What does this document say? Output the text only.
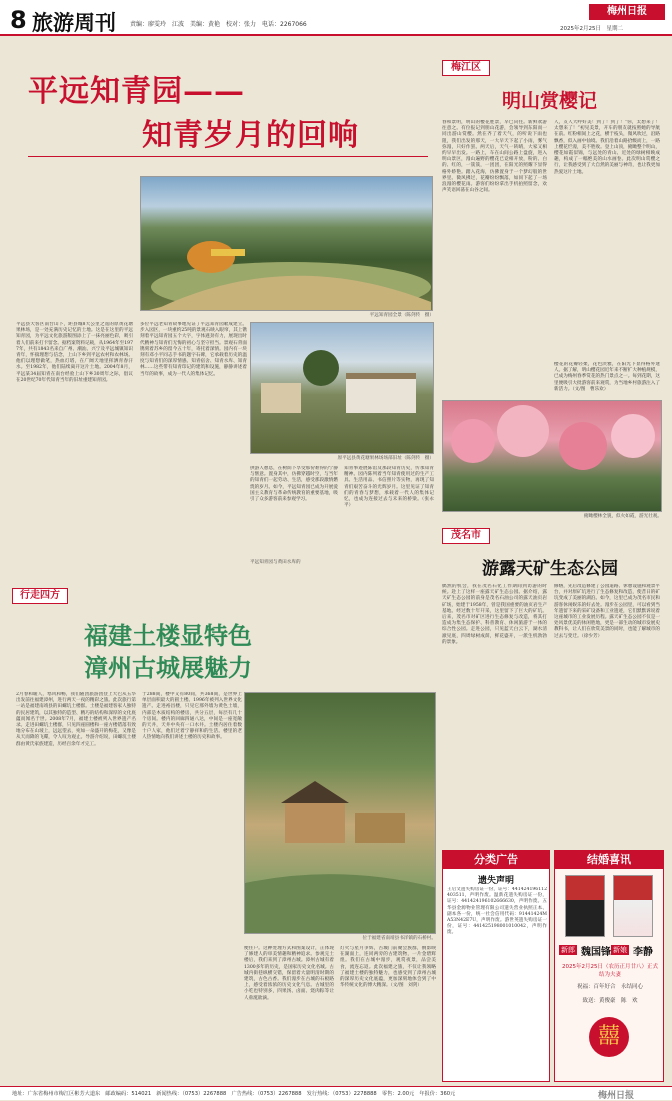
8 旅游周刊 责编：廖雯玲　江波　美编：黄艳　校对：张力　电话：2267066
梅州日报
2025年2月25日　星期二
平远知青园——
知青岁月的回响
平远知青园全景（陈剑传　摄）
平远县大客区南台山下，距县城8大公里之遥的原黄花塘果林场，是一处充满历史记忆的土地。这是在这里的平远知青园，为平远文化旅游版图添上了一抹亮丽色彩，吸引着人们前来打卡留念。据档案资料记载，从1964年至1977年，共有1843名来自广州、潮汕、兴宁及平远城镇知识青年，怀揣理想与信念，上山下乡到平远农村和农林场。他们以理想做笔，热血灯塔，在广阔天地里挥洒青春汗水。至1982年，他们陆续离开这片土地。2004年8月，平远某34届知青在南台经验上山下乡30周年之际，倡议在20世纪70年代知青当年的旧址重建知青园。
多位平远老知青故事地见证了平远知青园歌成建立。步入园区，一块重约25吨的景观石映入眼帘，其上镌刻着平远知青园五个大字，字体遒劲有力，展现出时代精神与知青们无悔的初心与坚守担当。景观石背面镌刻着苏乡的留今五十年，寄托着深情。园内有一块刻有邓小平同志手书的题字石碑，它承载着历史的温度与知青们的深厚情感。知青宿舍、知青水库、知青林……这些带有知青印记的建筑和设施，静静讲述着当年的故事，成为一代人的集体记忆。
原平远县黄花塘果林场场部旧址（陈剑传　摄）
供游人憩息，在树荫下享受那份难得的宁静与惬意。置身其中，仿佛穿越时空，与当年的知青们一起劳动、生活，感受那段激情燃烧的岁月。如今，平远知青园已成为开展爱国主义教育与革命传统教育的重要基地，吸引了众多游客前来参观学习。
知青事迹展陈馆及那段知青历史，传承知青精神。园内陈列着当年知青使用过的生产工具、生活用品、书信照片等实物，再现了知青们艰苦奋斗的光辉岁月。这里见证了知青们的青春与梦想，承载着一代人的集体记忆，也成为连接过去与未来的桥梁。（张永平）
平远知青园与黄田水库的
梅江区
明山赏樱记
春和景明，明山的樱花胜景，早已向往。新鲜欢游往意之。有位报记到朋山花游，会领导到东阳而一同出游山赏樱。然在齐了着天气，的听说下雨也阻，我们出发的那天，一大早天下起了小雨，雾气弥漫，只好作罢。两天后，天气一转晴，大家又相约早早出发。一路上，车在山间公路上盘旋，进入明山景区，漫山遍野的樱花已竞相开放，粉的、白的、红的，一簇簇，一团团，在阳光的照耀下显得格外娇艳。踏入花海，仿佛置身于一个梦幻般的世界里。微风拂过，花瓣纷纷飘落，如同下起了一场浪漫的樱花雨。游客们纷纷拿出手机拍照留念，欢声笑语回荡在山谷之间。
人，友人大呼好美！到了！到了！“你，太想来了！太想来了！”初见美景，开车的朋友就按照她的导航在前。红粉相间上之花，横于枝头，微风吹过，沿路飘香，似入画中仙境。我们沿着山路拾级而上，一路上樱花烂漫，美不胜收。登上山顶，俯瞰整个明山，樱花如霞似锦，与远处的青山、近处的绿树相映成趣，构成了一幅绝美的山水画卷。此次明山赏樱之行，让我感受到了大自然的美丽与神奇，也让我更加热爱这片土地。
樱花的花瓣轻柔，花色淡雅，在阳光下显得格外迷人。据了解，明山樱花园近年来不断扩大种植规模，已成为梅州春季赏花的热门景点之一。每到花期，这里便吸引大批游客前来观赏，为当地乡村旅游注入了新活力。（文/图　曹乐欢）
俯瞰樱林全貌，似火如霞，游光壮观。
茂名市
游露天矿生态公园
偶然的机会，我在茂名石化工作期间到访游的时候。赴上了这样一座露天矿生态公园。据介绍，露天矿生态公园的前身是茂名石油公司的露天油页岩矿场，始建于1958年，曾是我国重要的油页岩生产基地。经过数十年开采，这里留下了巨大的矿坑。后来，茂名市对矿区进行生态修复与改造，将其打造成为集生态保护、科普教育、休闲旅游于一体的综合性公园。走进公园，只见蓝天白云下，湖水清澈见底，四周绿树成荫，鲜花盛开，一派生机勃勃的景象。
修缮，先后改造修建了公园道路、休憩设施和观景平台，并对原矿坑进行了生态修复和改造，使昔日的矿坑变成了美丽的湖泊。如今，这里已成为茂名市民和游客休闲娱乐的好去处。漫步在公园里，可以看到当年遗留下来的采矿设备和工业遗迹，它们默默诉说着这座城市的工业发展历程。露天矿生态公园不仅是一处风景优美的休闲胜地，更是一部生动的城市发展史教科书，让人们在欣赏美景的同时，也能了解城市的过去与变迁。（徐少芳）
行走四方
福建土楼显特色
漳州古城展魅力
2月春和暖人，寒风和畅，我们随团旅游团登上大巴从五华出发前往福建漳州，进行两天一夜的精彩之旅。此次旅行第一站是福建南靖县的田螺坑土楼群。土楼是福建客家人独特的民居建筑，以其独特的造型、精巧的结构和深厚的文化底蕴而闻名于世。2008年7月，福建土楼被列入世界遗产名录。走进田螺坑土楼群，只见四座圆楼和一座方楼错落有致地分布在山坡上，远远望去，宛如一朵盛开的梅花，又像是从天而降的飞碟，令人叹为观止。导游介绍说，田螺坑土楼群由黄氏家族建造，历经百余年才完工。
于288间，楼中又有80间，共368间，是世界上单层面积最大的圆土楼。1996年被列入世界文化遗产。走进裕昌楼，只见它那外墙为黄色土墙，内部是木质结构的楼房，共分五层，每层有几十个房间。楼内的回廊四通八达，中间是一座宽敞的天井，天井中央有一口水井。土楼内居住着数十户人家，他们过着宁静祥和的生活。楼里的老人热情地向我们讲述土楼的历史和故事。
位于福建省南靖县书洋镇的石桥村。
便住户。这种处理方式和图案设计，正体现了修建人的审美情趣和精神追求。参观完土楼后，我们来到了漳州古城。漳州古城有着1300多年的历史，是国家历史文化名城。古城内街巷纵横交错，保留着大量明清时期的建筑，古色古香。我们漫步在古城的石板路上，感受着浓浓的历史文化气息。古城里的小吃也特别多，四果汤、卤面、烧肉粽等让人垂涎欲滴。
灯火与星月争辉，古城门前聚会族群，倒影映在湖面上，连同两旁的古建筑物，一片金碧辉煌。我们在古城中漫步，观赏夜景，品尝美食，流连忘返。此次福建之旅，不仅让我领略了福建土楼的独特魅力，也感受到了漳州古城的深厚历史文化底蕴，更加深刻地体会到了中华传统文化的博大精深。（文/图　刘剑）
分类广告
遗失声明
王启文遗失购房证一份，证号：441424196112403511，声明作废。温新花遗失购房证一份，证号：441424196102666630，声明作废。五华县金源物业管理有限公司遗失营业执照正本、副本各一份，统一社会信用代码：91441424MA53N42E7U，声明作废。游世英遗失购房证一份，证号：441425198001010042，声明作废。
结婚喜讯
新郎 魏国锋 新娘 李静
2025年2月25日（农历正月廿八）正式结为夫妻
祝福：百年好合　永结同心
致送：黄俊豪　陈　欢
囍
地址：广东省梅州市梅江区彬芳大道东　邮政编码：514021　新闻热线：（0753）2267888　广告热线：（0753）2267888　发行热线：（0753）2278888　零售：2.00元　年报价：360元	梅州日报
